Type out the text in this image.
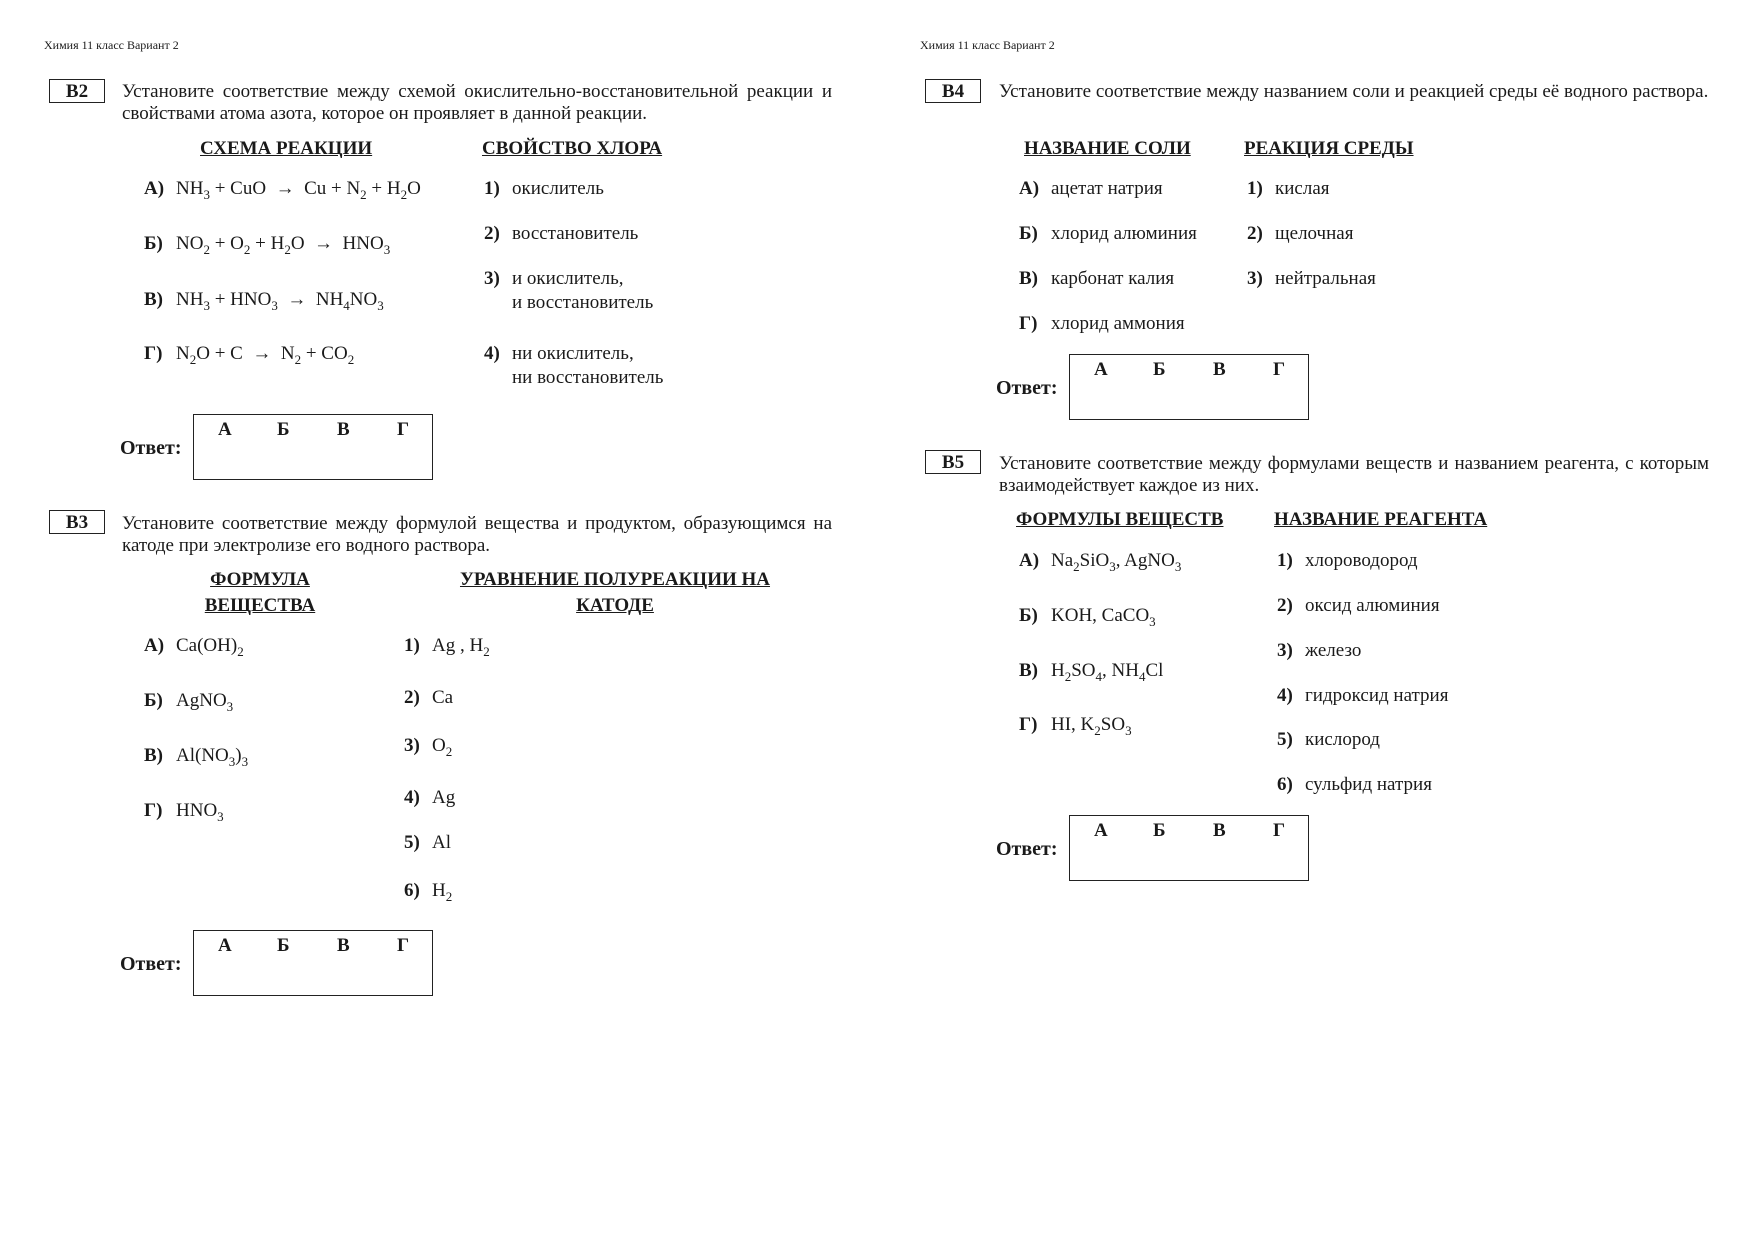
Химия 11 класс Вариант 2	Химия 11 класс Вариант 2
В2	Установите соответствие между схемой окислительно-восстановительной реакции и свойствами атома азота, которое он проявляет в данной реакции.
СХЕМА РЕАКЦИИ	СВОЙСТВО ХЛОРА
А) $NH_3$ + CuO  →  $Cu + N_2 + H_2O$
Б) $NO_2 + O_2 + H_2O \to HNO_3$
В) $NH_3 + HNO_3 \to NH_4NO_3$
Г) $N_2O + C \to N_2 + CO_2$
1) окислитель
2) восстановитель
3) и окислитель,
и восстановитель
4) ни окислитель,
ни восстановитель
Ответ:
А Б В Г
В3	Установите соответствие между формулой вещества и продуктом, образующимся на катоде при электролизе его водного раствора.
ФОРМУЛА
ВЕЩЕСТВА
УРАВНЕНИЕ ПОЛУРЕАКЦИИ НА
КАТОДЕ
А) $Ca(OH)_2$
Б) AgNO$_3$
В) $Al(NO_3)_3$
Г) $HNO_3$
1) Ag , $H_2$
2) Ca
3) $O_2$
4) Ag
5) Al
6) $H_2$
Ответ:
А Б В Г
В4	Установите соответствие между названием соли и реакцией среды её водного раствора.
НАЗВАНИЕ СОЛИ	РЕАКЦИЯ СРЕДЫ
А) ацетат натрия
Б) хлорид алюминия
В) карбонат калия
Г) хлорид аммония
1) кислая
2) щелочная
3) нейтральная
Ответ:
А Б В Г
В5	Установите соответствие между формулами веществ и названием реагента, с которым взаимодействует каждое из них.
ФОРМУЛЫ ВЕЩЕСТВ	НАЗВАНИЕ РЕАГЕНТА
А) $Na_2SiO_3$, AgNO$_3$
Б) KOH, CaCO$_3$
В) $H_2SO_4$, $NH_4Cl$
Г) HI, $K_2SO_3$
1) хлороводород
2) оксид алюминия
3) железо
4) гидроксид натрия
5) кислород
6) сульфид натрия
Ответ:
А Б В Г
